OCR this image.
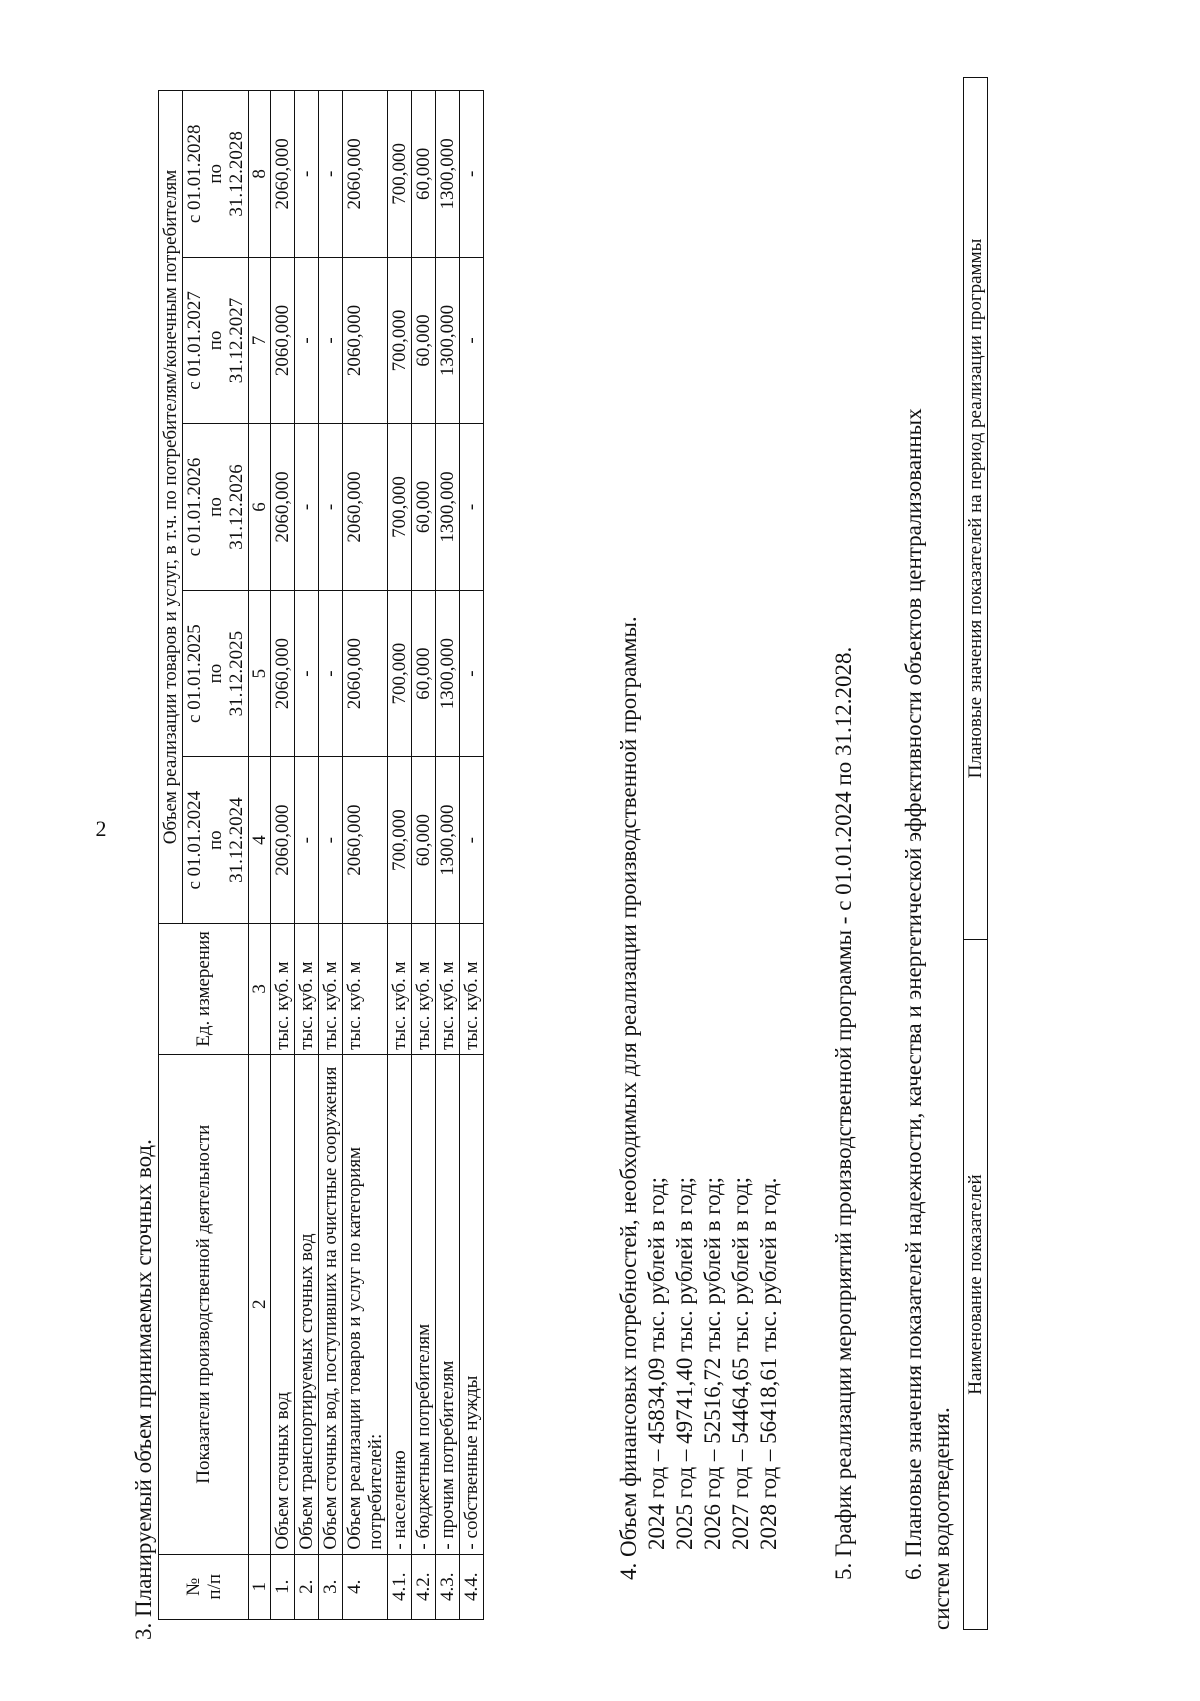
2

3. Планируемый объем принимаемых сточных вод. №
п/п	Показатели производственной деятельности	Ед. измерения	Объем реализации товаров и услуг, в т.ч. по потребителям/конечным потребителям				
			с 01.01.2024
по
31.12.2024	с 01.01.2025
по
31.12.2025	с 01.01.2026
по
31.12.2026	с 01.01.2027
по
31.12.2027	с 01.01.2028
по
31.12.2028
1	2	3	4	5	6	7	8
1.	Объем сточных вод	тыс. куб. м	2060,000	2060,000	2060,000	2060,000	2060,000
2.	Объем транспортируемых сточных вод	тыс. куб. м	-	-	-	-	-
3.	Объем сточных вод, поступивших на очистные сооружения	тыс. куб. м	-	-	-	-	-
4.	Объем реализации товаров и услуг по категориям потребителей:	тыс. куб. м	2060,000	2060,000	2060,000	2060,000	2060,000
4.1.	- населению	тыс. куб. м	700,000	700,000	700,000	700,000	700,000
4.2.	- бюджетным потребителям	тыс. куб. м	60,000	60,000	60,000	60,000	60,000
4.3.	- прочим потребителям	тыс. куб. м	1300,000	1300,000	1300,000	1300,000	1300,000
4.4.	- собственные нужды	тыс. куб. м	-	-	-	-	-
4. Объем финансовых потребностей, необходимых для реализации производственной программы. 2024 год – 45834,09 тыс. рублей в год; 2025 год – 49741,40 тыс. рублей в год; 2026 год – 52516,72 тыс. рублей в год; 2027 год – 54464,65 тыс. рублей в год; 2028 год – 56418,61 тыс. рублей в год. 5. График реализации мероприятий производственной программы - с 01.01.2024 по 31.12.2028. 6. Плановые значения показателей надежности, качества и энергетической эффективности объектов централизованных систем водоотведения.
Наименование показателей	Плановые значения показателей на период реализации программы
